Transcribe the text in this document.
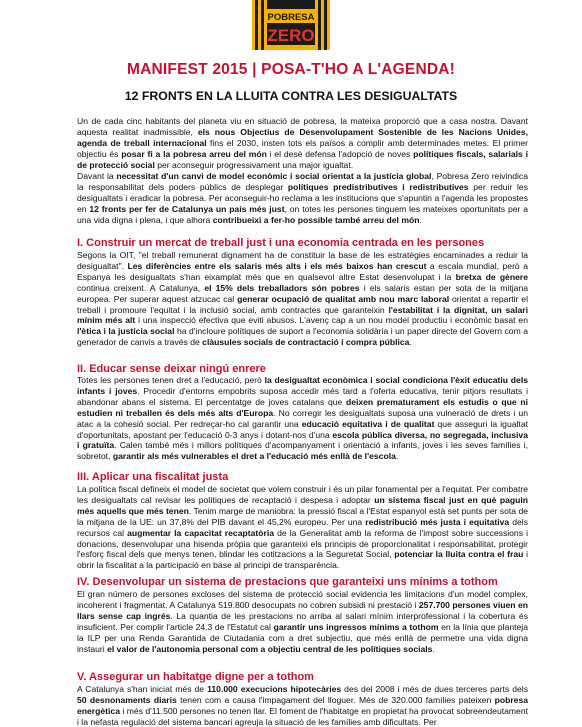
POBRESA
ZERO
MANIFEST 2015 | POSA-T'HO A L'AGENDA!
12 FRONTS EN LA LLUITA CONTRA LES DESIGUALTATS
Un de cada cinc habitants del planeta viu en situació de pobresa, la mateixa proporció que a casa nostra. Davant aquesta realitat inadmissible, els nous Objectius de Desenvolupament Sostenible de les Nacions Unides, agenda de treball internacional fins el 2030, insten tots els països a complir amb determinades metes. El primer objectiu és posar fi a la pobresa arreu del món i el desè defensa l'adopció de noves polítiques fiscals, salarials i de protecció social per aconseguir progressivament una major igualtat.
Davant la necessitat d'un canvi de model econòmic i social orientat a la justícia global, Pobresa Zero reivindica la responsabilitat dels poders públics de desplegar polítiques predistributives i redistributives per reduir les desigualtats i eradicar la pobresa. Per aconseguir-ho reclama a les institucions que s'apuntin a l'agenda les propostes en 12 fronts per fer de Catalunya un país més just, on totes les persones tinguem les mateixes oportunitats per a una vida digna i plena, i que alhora contribueixi a fer-ho possible també arreu del món.
I. Construir un mercat de treball just i una economia centrada en les persones
Segons la OIT, "el treball remunerat dignament ha de constituir la base de les estratègies encaminades a reduir la desigualtat". Les diferències entre els salaris més alts i els més baixos han crescut a escala mundial, però a Espanya les desigualtats s'han eixamplat més que en qualsevol altre Estat desenvolupat i la bretxa de gènere continua creixent. A Catalunya, el 15% dels treballadors són pobres i els salaris estan per sota de la mitjana europea. Per superar aquest atzucac cal generar ocupació de qualitat amb nou marc laboral orientat a repartir el treball i promoure l'equitat i la inclusió social, amb contractes que garanteixin l'estabilitat i la dignitat, un salari mínim més alt i una inspecció efectiva que eviti abusos. L'avenç cap a un nou model productiu i econòmic basat en l'ètica i la justícia social ha d'incloure polítiques de suport a l'economia solidària i un paper directe del Govern com a generador de canvis a través de clàusules socials de contractació i compra pública.
II. Educar sense deixar ningú enrere
Totes les persones tenen dret a l'educació, però la desigualtat econòmica i social condiciona l'èxit educatiu dels infants i joves. Procedir d'entorns empobrits suposa accedir més tard a l'oferta educativa, tenir pitjors resultats i abandonar abans el sistema. El percentatge de joves catalans que deixen prematurament els estudis o que ni estudien ni treballen és dels més alts d'Europa. No corregir les desigualtats suposa una vulneració de drets i un atac a la cohesió social. Per redreçar-ho cal garantir una educació equitativa i de qualitat que asseguri la igualtat d'oportunitats, apostant per l'educació 0-3 anys i dotant-nos d'una escola pública diversa, no segregada, inclusiva i gratuïta. Calen també més i millors polítiques d'acompanyament i orientació a infants, joves i les seves famílies i, sobretot, garantir als més vulnerables el dret a l'educació més enllà de l'escola.
III. Aplicar una fiscalitat justa
La política fiscal defineix el model de societat que volem construir i és un pilar fonamental per a l'equitat. Per combatre les desigualtats cal revisar les polítiques de recaptació i despesa i adoptar un sistema fiscal just en què paguin més aquells que més tenen. Tenim marge de maniobra: la pressió fiscal a l'Estat espanyol està set punts per sota de la mitjana de la UE: un 37,8% del PIB davant el 45,2% europeu. Per una redistribució més justa i equitativa dels recursos cal augmentar la capacitat recaptatòria de la Generalitat amb la reforma de l'impost sobre successions i donacions, desenvolupar una hisenda pròpia que garanteixi els principis de proporcionalitat i responsabilitat, protegir l'esforç fiscal dels que menys tenen, blindar les cotitzacions a la Seguretat Social, potenciar la lluita contra el frau i obrir la fiscalitat a la participació en base al principi de transparència.
IV. Desenvolupar un sistema de prestacions que garanteixi uns mínims a tothom
El gran número de persones excloses del sistema de protecció social evidencia les limitacions d'un model complex, incoherent i fragmentat. A Catalunya 519.800 desocupats no cobren subsidi ni prestació i 257.700 persones viuen en llars sense cap ingrés. La quantia de les prestacions no arriba al salari mínim interprofessional i la cobertura és insuficient. Per complir l'article 24.3 de l'Estatut cal garantir uns ingressos mínims a tothom en la línia que planteja la ILP per una Renda Garantida de Ciutadania com a dret subjectiu, que més enllà de permetre una vida digna instauri el valor de l'autonomia personal com a objectiu central de les polítiques socials.
V. Assegurar un habitatge digne per a tothom
A Catalunya s'han iniciat més de 110.000 execucions hipotecàries des del 2008 i més de dues terceres parts dels 50 desnonaments diaris tenen com a causa l'impagament del lloguer. Més de 320.000 famílies pateixen pobresa energètica i més d'11.500 persones no tenen llar. El foment de l'habitatge en propietat ha provocat sobreendeutament i la nefasta regulació del sistema bancari agreuja la situació de les famílies amb dificultats. Per
